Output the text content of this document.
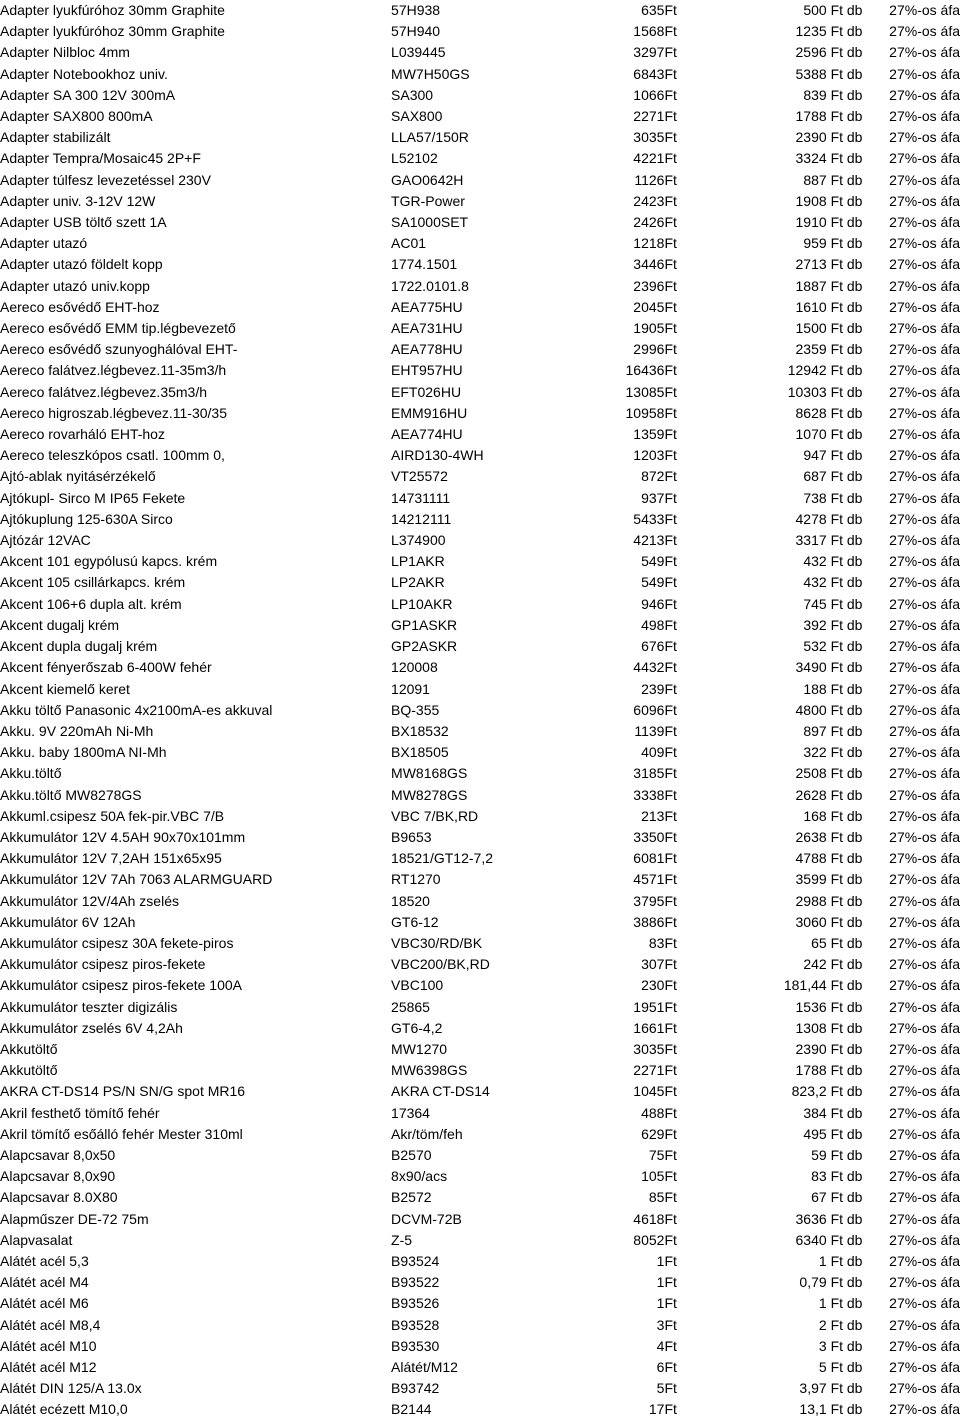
Adapter lyukfúróhoz 30mm Graphite	57H938	635	Ft	500 Ft db	27%-os áfa
Adapter lyukfúróhoz 30mm Graphite	57H940	1568	Ft	1235 Ft db	27%-os áfa
Adapter Nilbloc 4mm	L039445	3297	Ft	2596 Ft db	27%-os áfa
Adapter Notebookhoz univ.	MW7H50GS	6843	Ft	5388 Ft db	27%-os áfa
Adapter SA 300 12V 300mA	SA300	1066	Ft	839 Ft db	27%-os áfa
Adapter SAX800 800mA	SAX800	2271	Ft	1788 Ft db	27%-os áfa
Adapter stabilizált	LLA57/150R	3035	Ft	2390 Ft db	27%-os áfa
Adapter Tempra/Mosaic45 2P+F	L52102	4221	Ft	3324 Ft db	27%-os áfa
Adapter túlfesz levezetéssel 230V	GAO0642H	1126	Ft	887 Ft db	27%-os áfa
Adapter univ. 3-12V 12W	TGR-Power	2423	Ft	1908 Ft db	27%-os áfa
Adapter USB töltő szett 1A	SA1000SET	2426	Ft	1910 Ft db	27%-os áfa
Adapter utazó	AC01	1218	Ft	959 Ft db	27%-os áfa
Adapter utazó földelt kopp	1774.1501	3446	Ft	2713 Ft db	27%-os áfa
Adapter utazó univ.kopp	1722.0101.8	2396	Ft	1887 Ft db	27%-os áfa
Aereco esővédő EHT-hoz	AEA775HU	2045	Ft	1610 Ft db	27%-os áfa
Aereco esővédő EMM tip.légbevezető	AEA731HU	1905	Ft	1500 Ft db	27%-os áfa
Aereco esővédő szunyoghálóval EHT-	AEA778HU	2996	Ft	2359 Ft db	27%-os áfa
Aereco falátvez.légbevez.11-35m3/h	EHT957HU	16436	Ft	12942 Ft db	27%-os áfa
Aereco falátvez.légbevez.35m3/h	EFT026HU	13085	Ft	10303 Ft db	27%-os áfa
Aereco higroszab.légbevez.11-30/35	EMM916HU	10958	Ft	8628 Ft db	27%-os áfa
Aereco rovarháló EHT-hoz	AEA774HU	1359	Ft	1070 Ft db	27%-os áfa
Aereco teleszkópos csatl. 100mm 0,	AIRD130-4WH	1203	Ft	947 Ft db	27%-os áfa
Ajtó-ablak nyitásérzékelő	VT25572	872	Ft	687 Ft db	27%-os áfa
Ajtókupl- Sirco M IP65 Fekete	14731111	937	Ft	738 Ft db	27%-os áfa
Ajtókuplung 125-630A Sirco	14212111	5433	Ft	4278 Ft db	27%-os áfa
Ajtózár 12VAC	L374900	4213	Ft	3317 Ft db	27%-os áfa
Akcent 101 egypólusú kapcs. krém	LP1AKR	549	Ft	432 Ft db	27%-os áfa
Akcent 105 csillárkapcs. krém	LP2AKR	549	Ft	432 Ft db	27%-os áfa
Akcent 106+6 dupla alt. krém	LP10AKR	946	Ft	745 Ft db	27%-os áfa
Akcent dugalj krém	GP1ASKR	498	Ft	392 Ft db	27%-os áfa
Akcent dupla dugalj krém	GP2ASKR	676	Ft	532 Ft db	27%-os áfa
Akcent fényerőszab 6-400W fehér	120008	4432	Ft	3490 Ft db	27%-os áfa
Akcent kiemelő keret	12091	239	Ft	188 Ft db	27%-os áfa
Akku töltő Panasonic 4x2100mA-es akkuval	BQ-355	6096	Ft	4800 Ft db	27%-os áfa
Akku. 9V 220mAh Ni-Mh	BX18532	1139	Ft	897 Ft db	27%-os áfa
Akku. baby 1800mA NI-Mh	BX18505	409	Ft	322 Ft db	27%-os áfa
Akku.töltő	MW8168GS	3185	Ft	2508 Ft db	27%-os áfa
Akku.töltő MW8278GS	MW8278GS	3338	Ft	2628 Ft db	27%-os áfa
Akkuml.csipesz 50A fek-pir.VBC 7/B	VBC 7/BK,RD	213	Ft	168 Ft db	27%-os áfa
Akkumulátor 12V 4.5AH 90x70x101mm	B9653	3350	Ft	2638 Ft db	27%-os áfa
Akkumulátor 12V 7,2AH 151x65x95	18521/GT12-7,2	6081	Ft	4788 Ft db	27%-os áfa
Akkumulátor 12V 7Ah 7063 ALARMGUARD	RT1270	4571	Ft	3599 Ft db	27%-os áfa
Akkumulátor 12V/4Ah zselés	18520	3795	Ft	2988 Ft db	27%-os áfa
Akkumulátor 6V 12Ah	GT6-12	3886	Ft	3060 Ft db	27%-os áfa
Akkumulátor csipesz 30A fekete-piros	VBC30/RD/BK	83	Ft	65 Ft db	27%-os áfa
Akkumulátor csipesz piros-fekete	VBC200/BK,RD	307	Ft	242 Ft db	27%-os áfa
Akkumulátor csipesz piros-fekete 100A	VBC100	230	Ft	181,44 Ft db	27%-os áfa
Akkumulátor teszter digizális	25865	1951	Ft	1536 Ft db	27%-os áfa
Akkumulátor zselés 6V 4,2Ah	GT6-4,2	1661	Ft	1308 Ft db	27%-os áfa
Akkutöltő	MW1270	3035	Ft	2390 Ft db	27%-os áfa
Akkutöltő	MW6398GS	2271	Ft	1788 Ft db	27%-os áfa
AKRA CT-DS14 PS/N SN/G spot MR16	AKRA CT-DS14	1045	Ft	823,2 Ft db	27%-os áfa
Akril festhető tömítő fehér	17364	488	Ft	384 Ft db	27%-os áfa
Akril tömítő esőálló fehér Mester 310ml	Akr/töm/feh	629	Ft	495 Ft db	27%-os áfa
Alapcsavar 8,0x50	B2570	75	Ft	59 Ft db	27%-os áfa
Alapcsavar 8,0x90	8x90/acs	105	Ft	83 Ft db	27%-os áfa
Alapcsavar 8.0X80	B2572	85	Ft	67 Ft db	27%-os áfa
Alapműszer DE-72 75m	DCVM-72B	4618	Ft	3636 Ft db	27%-os áfa
Alapvasalat	Z-5	8052	Ft	6340 Ft db	27%-os áfa
Alátét acél 5,3	B93524	1	Ft	1 Ft db	27%-os áfa
Alátét acél M4	B93522	1	Ft	0,79 Ft db	27%-os áfa
Alátét acél M6	B93526	1	Ft	1 Ft db	27%-os áfa
Alátét acél M8,4	B93528	3	Ft	2 Ft db	27%-os áfa
Alátét acél M10	B93530	4	Ft	3 Ft db	27%-os áfa
Alátét acél M12	Alátét/M12	6	Ft	5 Ft db	27%-os áfa
Alátét DIN 125/A 13.0x	B93742	5	Ft	3,97 Ft db	27%-os áfa
Alátét ecézett M10,0	B2144	17	Ft	13,1 Ft db	27%-os áfa
